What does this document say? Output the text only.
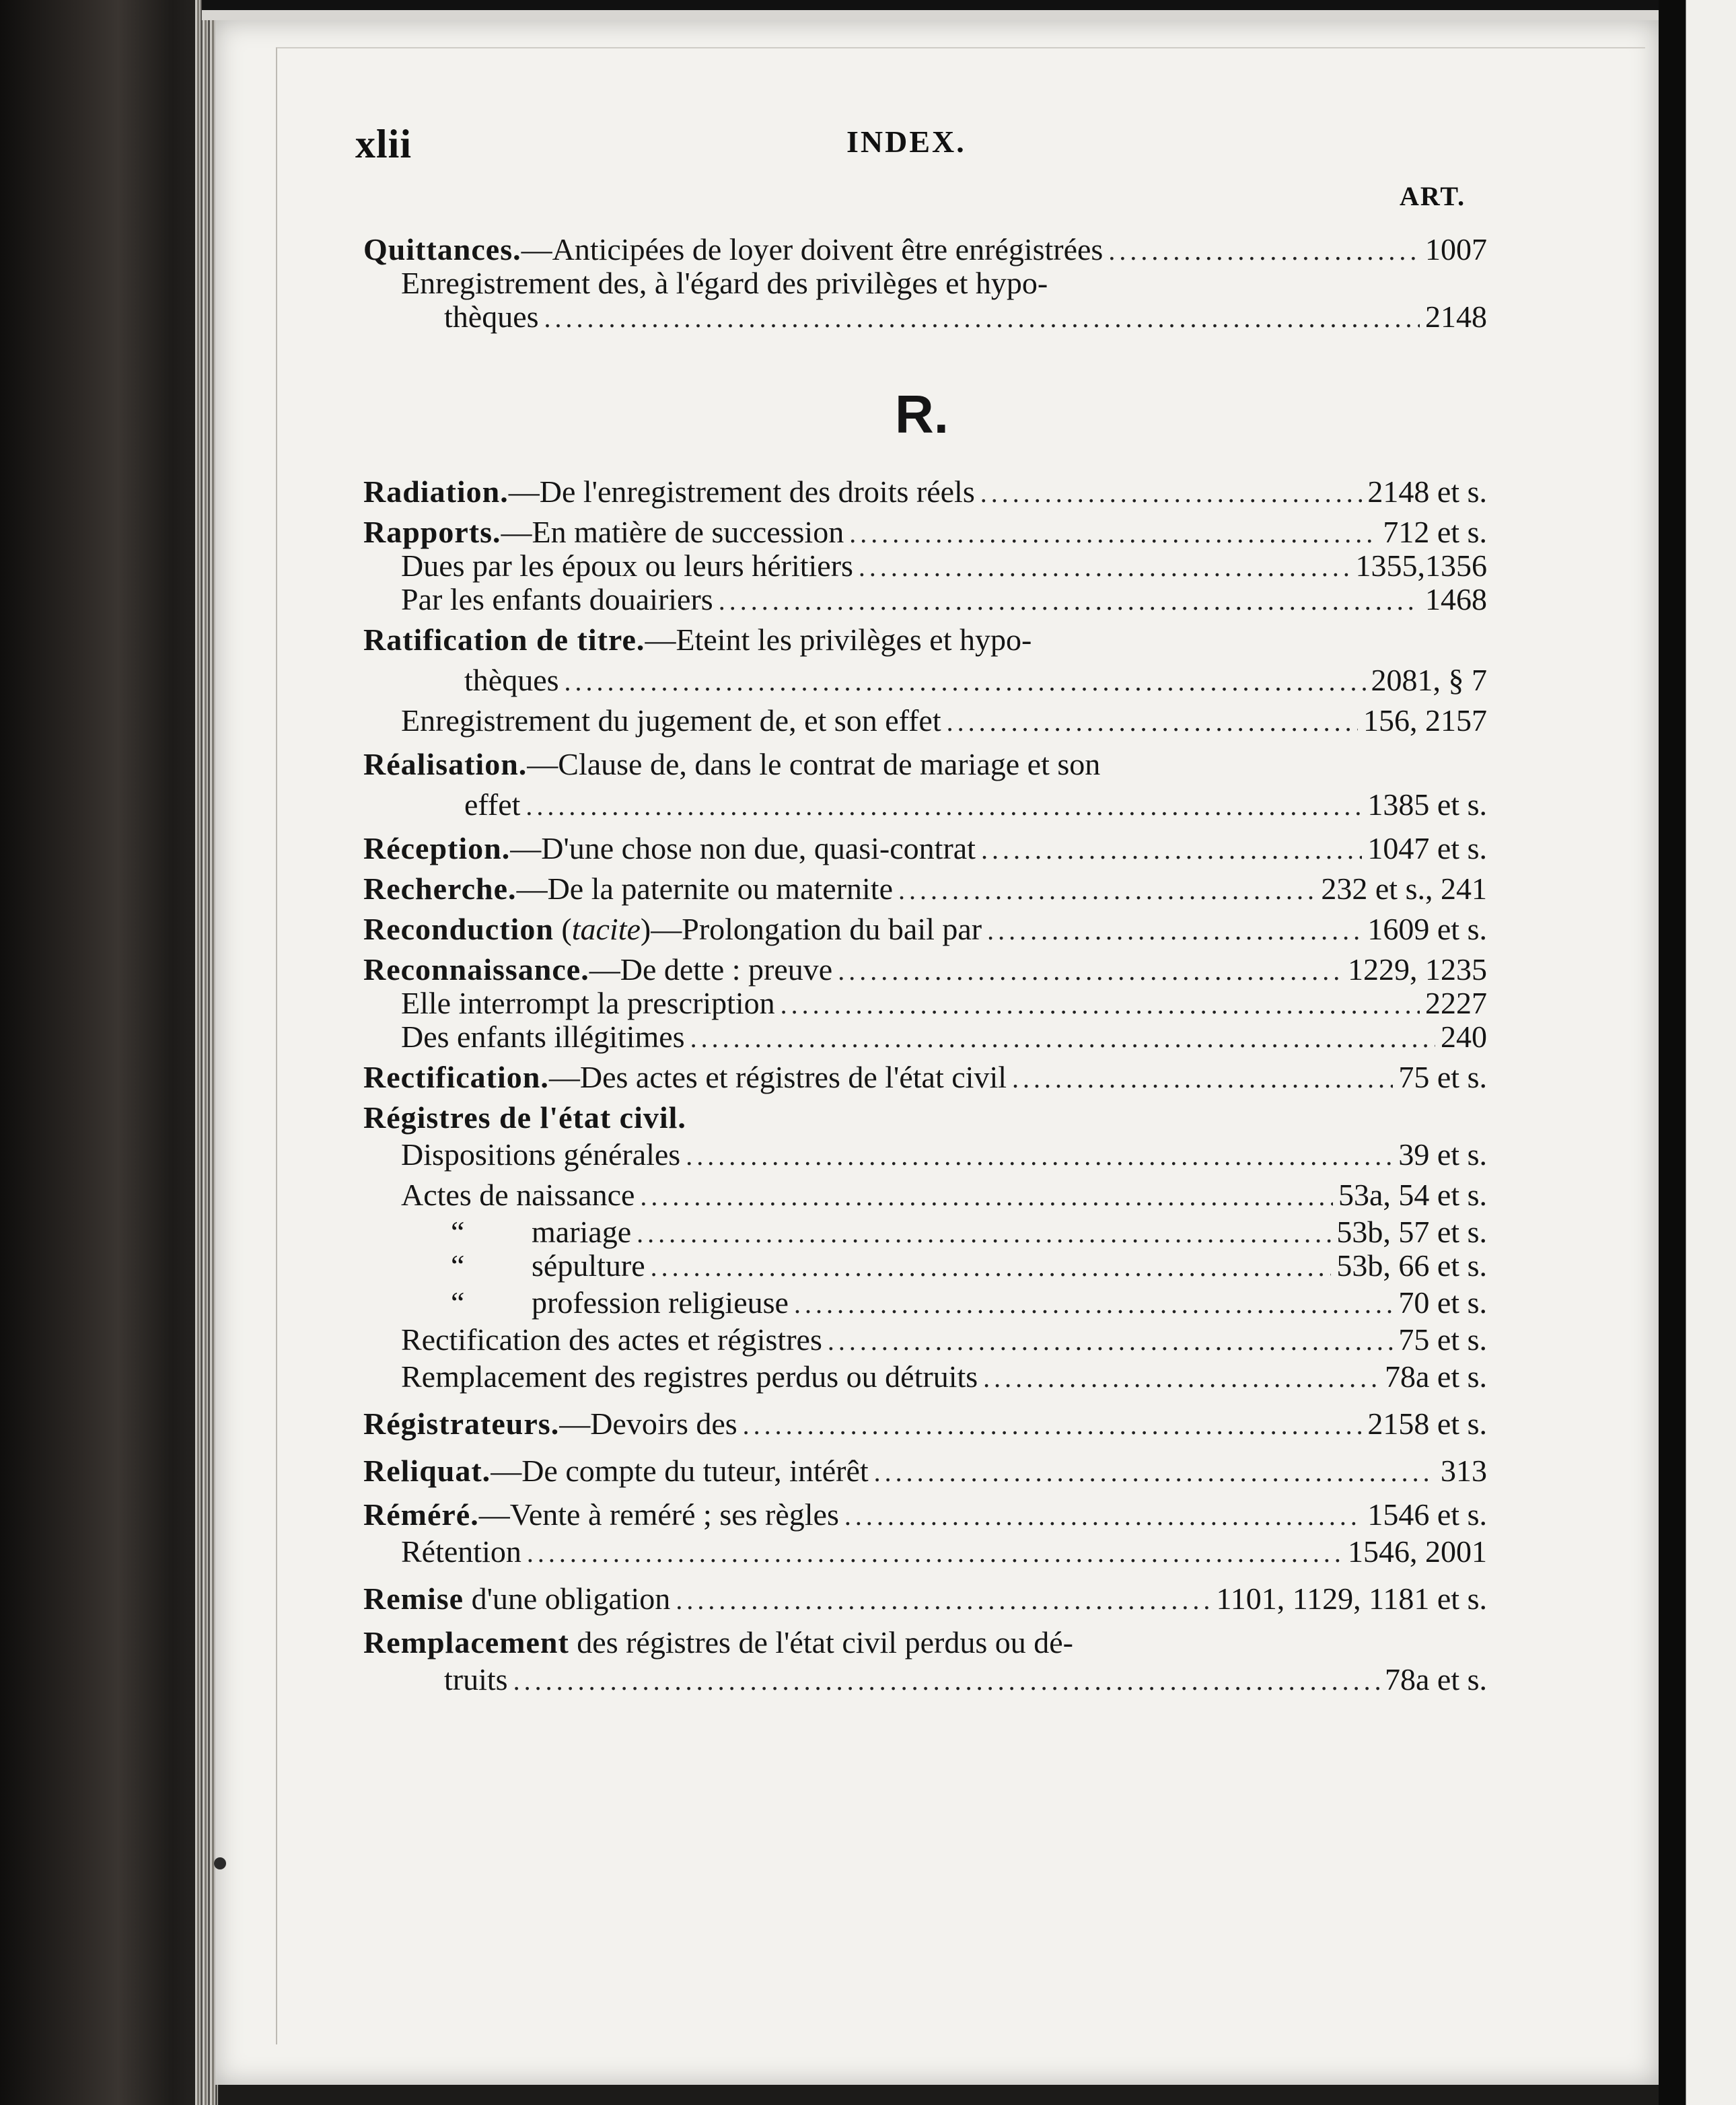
xlii	INDEX.
ART.
R.
Quittances.—Anticipées de loyer doivent être enrégistrées .....	1007
Enregistrement des, à l'égard des privilèges et hypo-
thèques .....	2148
Radiation.—De l'enregistrement des droits réels .....	2148 et s.
Rapports.—En matière de succession .....	712 et s.
Dues par les époux ou leurs héritiers .....	1355,1356
Par les enfants douairiers .....	1468
Ratification de titre.—Eteint les privilèges et hypo-
thèques .....	2081, § 7
Enregistrement du jugement de, et son effet .....	156, 2157
Réalisation.—Clause de, dans le contrat de mariage et son
effet .....	1385 et s.
Réception.—D'une chose non due, quasi-contrat .....	1047 et s.
Recherche.—De la paternite ou maternite .....	232 et s., 241
Reconduction (tacite)—Prolongation du bail par .....	1609 et s.
Reconnaissance.—De dette : preuve .....	1229, 1235
Elle interrompt la prescription .....	2227
Des enfants illégitimes .....	240
Rectification.—Des actes et régistres de l'état civil .....	75 et s.
Régistres de l'état civil.
Dispositions générales .....	39 et s.
Actes de naissance .....	53a, 54 et s.
“ mariage .....	53b, 57 et s.
“ sépulture .....	53b, 66 et s.
“ profession religieuse .....	70 et s.
Rectification des actes et régistres .....	75 et s.
Remplacement des registres perdus ou détruits .....	78a et s.
Régistrateurs.—Devoirs des .....	2158 et s.
Reliquat.—De compte du tuteur, intérêt .....	313
Réméré.—Vente à reméré ; ses règles .....	1546 et s.
Rétention .....	1546, 2001
Remise d'une obligation .....	1101, 1129, 1181 et s.
Remplacement des régistres de l'état civil perdus ou dé-
truits .....	78a et s.
